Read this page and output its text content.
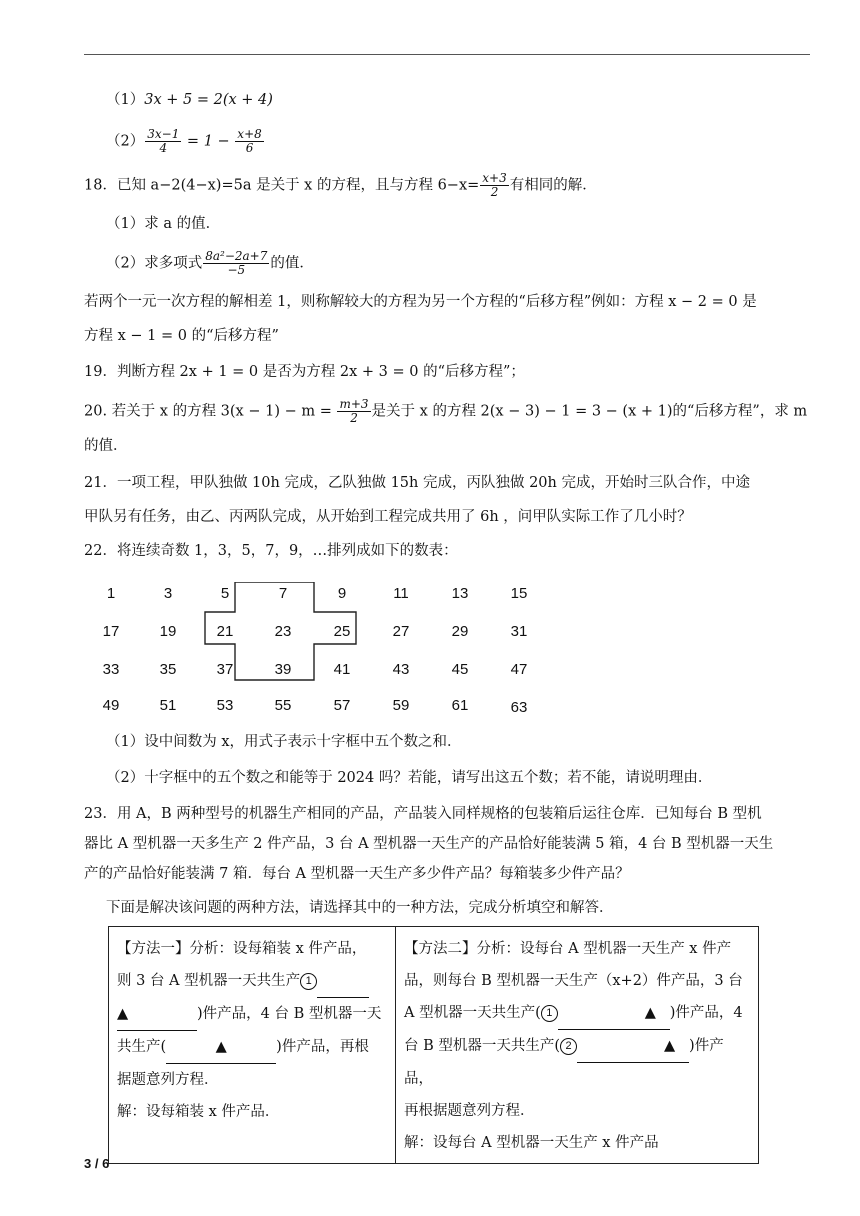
（1）3x + 5 = 2(x + 4)
$(2) \frac{3x-1}{4} = 1 - \frac{x+8}{6}$
18．已知 a−2(4−x)=5a 是关于 x 的方程，且与方程 $6-x= \frac{x+3}{2}$ 有相同的解．
（1）求 a 的值．
（2）求多项式 $\frac{\text{8a²−2a+7}}{-5}$ 的值．
若两个一元一次方程的解相差 1，则称解较大的方程为另一个方程的“后移方程”例如：方程 x − 2 = 0 是
方程 x − 1 = 0 的“后移方程”
19．判断方程 2x + 1 = 0 是否为方程 2x + 3 = 0 的“后移方程”；
20. 若关于 x 的方程 $3(x - 1) - m = \frac{m+3}{2}$ 是关于 x 的方程 2(x − 3) − 1 = 3 − (x + 1)的“后移方程”，求 m
的值．
21．一项工程，甲队独做 10h 完成，乙队独做 15h 完成，丙队独做 20h 完成，开始时三队合作，中途
甲队另有任务，由乙、丙两队完成，从开始到工程完成共用了 6h ，问甲队实际工作了几小时？
22．将连续奇数 1，3，5，7，9，…排列成如下的数表：
1	3	5	7	9	11	13	15
17	19	21	23	25	27	29	31
33	35	37	39	41	43	45	47
49	51	53	55	57	59	61	63
（1）设中间数为 x，用式子表示十字框中五个数之和．
（2）十字框中的五个数之和能等于 2024 吗？若能，请写出这五个数；若不能，请说明理由．
23．用 A，B 两种型号的机器生产相同的产品，产品装入同样规格的包装箱后运往仓库．已知每台 B 型机
器比 A 型机器一天多生产 2 件产品，3 台 A 型机器一天生产的产品恰好能装满 5 箱，4 台 B 型机器一天生
产的产品恰好能装满 7 箱．每台 A 型机器一天生产多少件产品？每箱装多少件产品？
下面是解决该问题的两种方法，请选择其中的一种方法，完成分析填空和解答．
【方法一】分析：设每箱装 x 件产品，
则 3 台 A 型机器一天共生产 1
▲	)件产品，4 台 B 型机器一天
共生产(	▲	)件产品，再根
据题意列方程．
解：设每箱装 x 件产品．

【方法二】分析：设每台 A 型机器一天生产 x 件产
品，则每台 B 型机器一天生产（x+2）件产品，3 台
A 型机器一天共生产( 1	▲ )件产品，4
台 B 型机器一天共生产( 2	▲ )件产品，
再根据题意列方程．
解：设每台 A 型机器一天生产 x 件产品
3 / 6
